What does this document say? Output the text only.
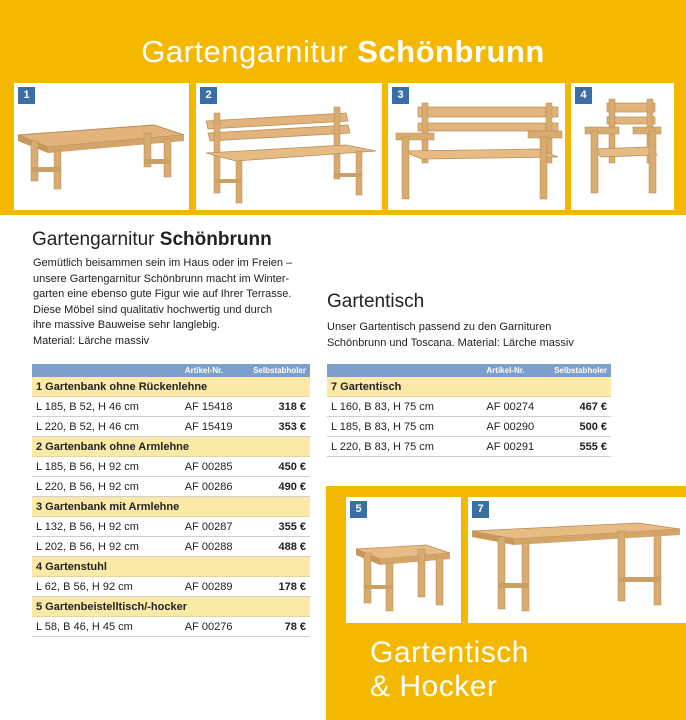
Gartengarnitur Schönbrunn
1	2	3	4
Gartengarnitur Schönbrunn
Gemütlich beisammen sein im Haus oder im Freien –
unsere Gartengarnitur Schönbrunn macht im Winter-
garten eine ebenso gute Figur wie auf Ihrer Terrasse.
Diese Möbel sind qualitativ hochwertig und durch
ihre massive Bauweise sehr langlebig.
Material: Lärche massiv
	Artikel-Nr.	Selbstabholer
1 Gartenbank ohne Rückenlehne		
L 185, B 52, H 46 cm	AF 15418	318 €
L 220, B 52, H 46 cm	AF 15419	353 €
2 Gartenbank ohne Armlehne		
L 185, B 56, H 92 cm	AF 00285	450 €
L 220, B 56, H 92 cm	AF 00286	490 €
3 Gartenbank mit Armlehne		
L 132, B 56, H 92 cm	AF 00287	355 €
L 202, B 56, H 92 cm	AF 00288	488 €
4 Gartenstuhl		
L 62, B 56, H 92 cm	AF 00289	178 €
5 Gartenbeistelltisch/-hocker		
L 58, B 46, H 45 cm	AF 00276	78 €
Gartentisch
Unser Gartentisch passend zu den Garnituren
Schönbrunn und Toscana. Material: Lärche massiv
	Artikel-Nr.	Selbstabholer
7 Gartentisch		
L 160, B 83, H 75 cm	AF 00274	467 €
L 185, B 83, H 75 cm	AF 00290	500 €
L 220, B 83, H 75 cm	AF 00291	555 €
5	7
Gartentisch
& Hocker
